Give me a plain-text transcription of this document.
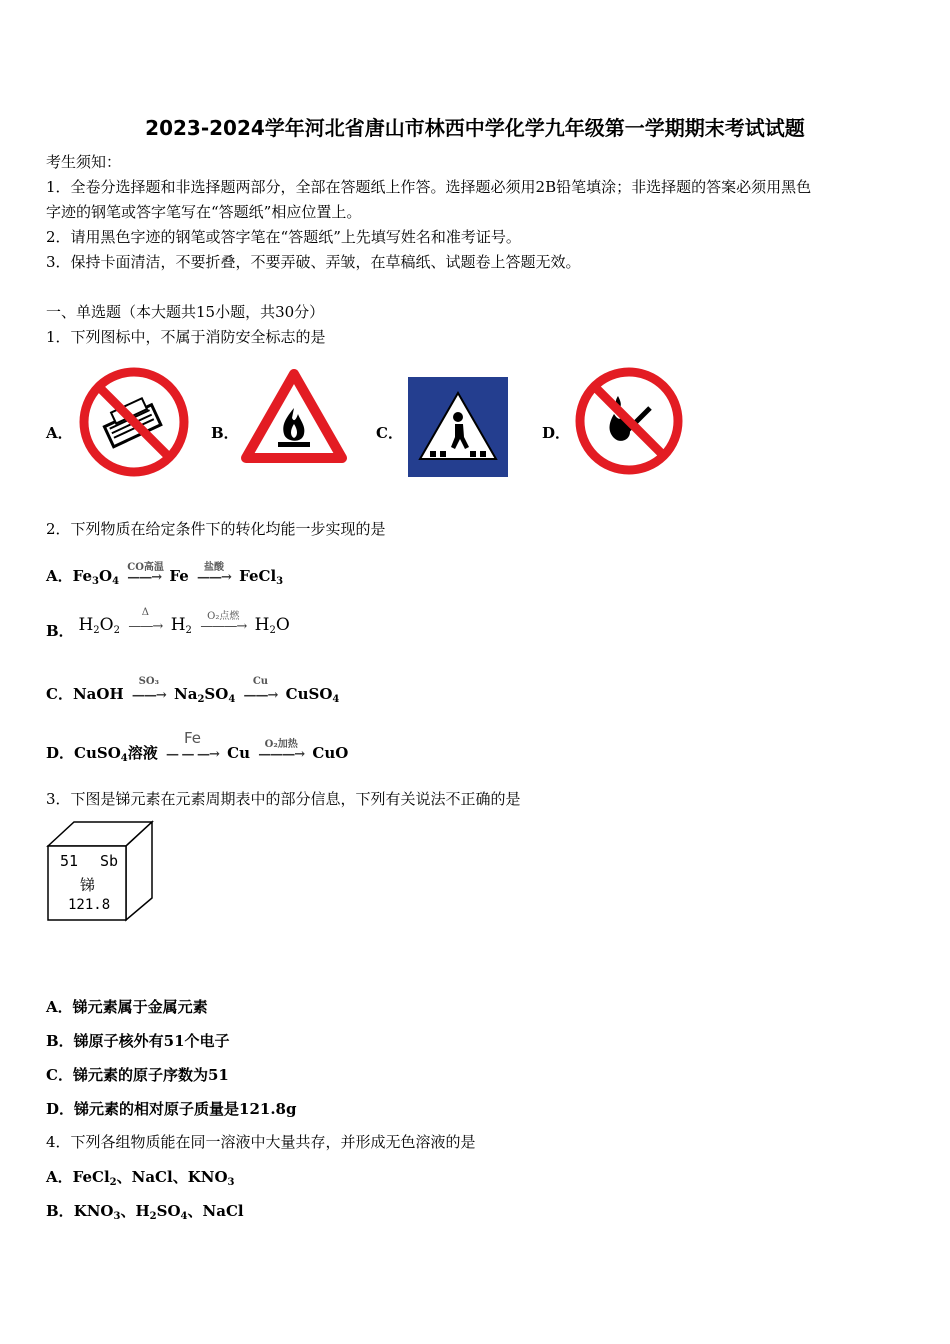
2023-2024学年河北省唐山市林西中学化学九年级第一学期期末考试试题
考生须知：
1．全卷分选择题和非选择题两部分，全部在答题纸上作答。选择题必须用2B铅笔填涂；非选择题的答案必须用黑色
字迹的钢笔或答字笔写在“答题纸”相应位置上。
2．请用黑色字迹的钢笔或答字笔在“答题纸”上先填写姓名和准考证号。
3．保持卡面清洁，不要折叠，不要弄破、弄皱，在草稿纸、试题卷上答题无效。
一、单选题（本大题共15小题，共30分）
1．下列图标中，不属于消防安全标志的是
A．	B．	C．	D．
2．下列物质在给定条件下的转化均能一步实现的是
A．$Fe_3O_4$
CO高温
——→ Fe	盐酸
——→ FeCl$_3$
B． $H_2O_2$
Δ
——→ $H_2$
O₂点燃
———→ $H_2O$
C．NaOH
SO₃
——→ $Na_2SO_4$
Cu
——→ CuSO$_4$
D．CuSO$_4$溶液
Fe
— — —→ Cu	O₂加热
———→ CuO
3．下图是锑元素在元素周期表中的部分信息，下列有关说法不正确的是
51 Sb
锑
121.8
A．锑元素属于金属元素
B．锑原子核外有51个电子
C．锑元素的原子序数为51
D．锑元素的相对原子质量是121.8g
4．下列各组物质能在同一溶液中大量共存，并形成无色溶液的是
A．FeCl$_2$、NaCl、$KNO_3$
B．$KNO_3$、$H_2SO_4$、NaCl
